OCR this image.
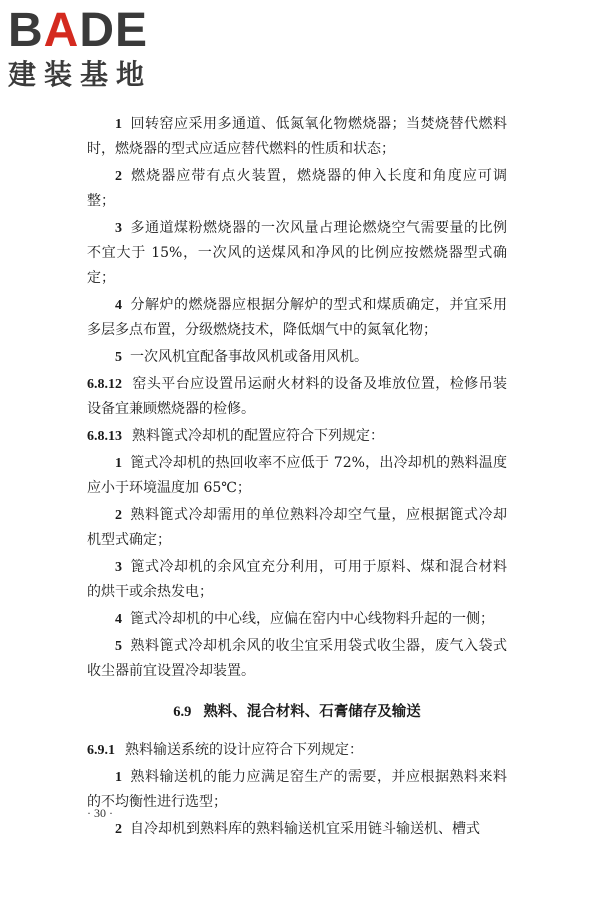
BADE
建装基地

1 回转窑应采用多通道、低氮氧化物燃烧器；当焚烧替代燃料时，燃烧器的型式应适应替代燃料的性质和状态；

2 燃烧器应带有点火装置，燃烧器的伸入长度和角度应可调整；

3 多通道煤粉燃烧器的一次风量占理论燃烧空气需要量的比例不宜大于 15%，一次风的送煤风和净风的比例应按燃烧器型式确定；

4 分解炉的燃烧器应根据分解炉的型式和煤质确定，并宜采用多层多点布置，分级燃烧技术，降低烟气中的氮氧化物；

5 一次风机宜配备事故风机或备用风机。

6.8.12 窑头平台应设置吊运耐火材料的设备及堆放位置，检修吊装设备宜兼顾燃烧器的检修。

6.8.13 熟料篦式冷却机的配置应符合下列规定：

1 篦式冷却机的热回收率不应低于 72%，出冷却机的熟料温度应小于环境温度加 65℃；

2 熟料篦式冷却需用的单位熟料冷却空气量，应根据篦式冷却机型式确定；

3 篦式冷却机的余风宜充分利用，可用于原料、煤和混合材料的烘干或余热发电；

4 篦式冷却机的中心线，应偏在窑内中心线物料升起的一侧；

5 熟料篦式冷却机余风的收尘宜采用袋式收尘器，废气入袋式收尘器前宜设置冷却装置。

6.9 熟料、混合材料、石膏储存及输送

6.9.1 熟料输送系统的设计应符合下列规定：

1 熟料输送机的能力应满足窑生产的需要，并应根据熟料来料的不均衡性进行选型；

2 自冷却机到熟料库的熟料输送机宜采用链斗输送机、槽式

· 30 ·
